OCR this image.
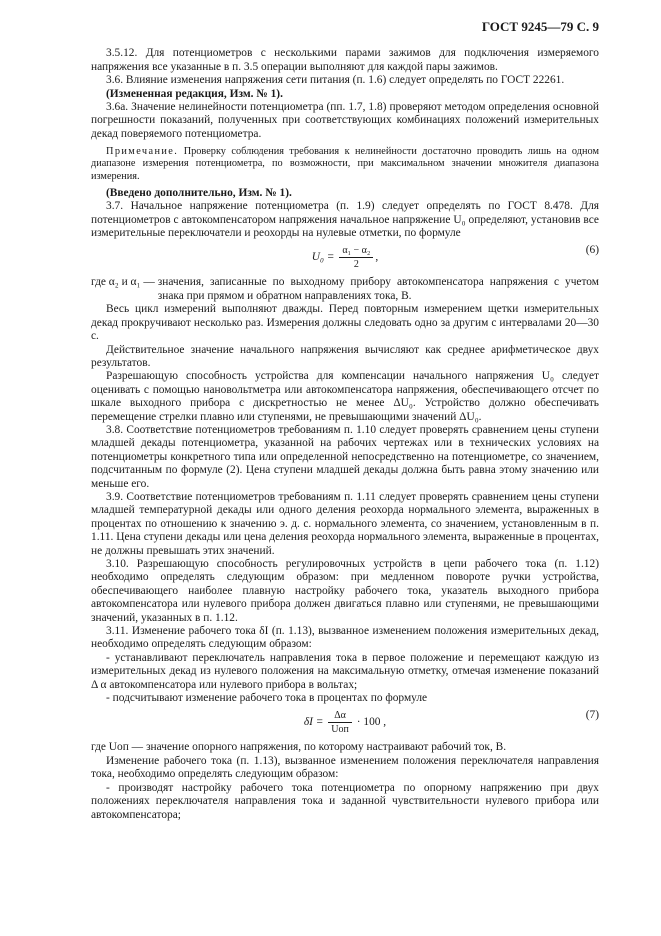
ГОСТ 9245—79 С. 9

3.5.12. Для потенциометров с несколькими парами зажимов для подключения измеряемого напряжения все указанные в п. 3.5 операции выполняют для каждой пары зажимов.

3.6. Влияние изменения напряжения сети питания (п. 1.6) следует определять по ГОСТ 22261.

(Измененная редакция, Изм. № 1).

3.6а. Значение нелинейности потенциометра (пп. 1.7, 1.8) проверяют методом определения основной погрешности показаний, полученных при соответствующих комбинациях положений измерительных декад поверяемого потенциометра.

Примечание. Проверку соблюдения требования к нелинейности достаточно проводить лишь на одном диапазоне измерения потенциометра, по возможности, при максимальном значении множителя диапазона измерения.

(Введено дополнительно, Изм. № 1).

3.7. Начальное напряжение потенциометра (п. 1.9) следует определять по ГОСТ 8.478. Для потенциометров с автокомпенсатором напряжения начальное напряжение U₀ определяют, установив все измерительные переключатели и реохорды на нулевые отметки, по формуле

$U_0 = \frac{\text{α₁ − α₂}}{2}$ ,
(6)
где α₂ и α₁ — значения, записанные по выходному прибору автокомпенсатора напряжения с учетом знака при прямом и обратном направлениях тока, В.

Весь цикл измерений выполняют дважды. Перед повторным измерением щетки измерительных декад прокручивают несколько раз. Измерения должны следовать одно за другим с интервалами 20—30 с.

Действительное значение начального напряжения вычисляют как среднее арифметическое двух результатов.

Разрешающую способность устройства для компенсации начального напряжения U₀ следует оценивать с помощью нановольтметра или автокомпенсатора напряжения, обеспечивающего отсчет по шкале выходного прибора с дискретностью не менее ΔU₀. Устройство должно обеспечивать перемещение стрелки плавно или ступенями, не превышающими значений ΔU₀.

3.8. Соответствие потенциометров требованиям п. 1.10 следует проверять сравнением цены ступени младшей декады потенциометра, указанной на рабочих чертежах или в технических условиях на потенциометры конкретного типа или определенной непосредственно на потенциометре, со значением, подсчитанным по формуле (2). Цена ступени младшей декады должна быть равна этому значению или меньше его.

3.9. Соответствие потенциометров требованиям п. 1.11 следует проверять сравнением цены ступени младшей температурной декады или одного деления реохорда нормального элемента, выраженных в процентах по отношению к значению э. д. с. нормального элемента, со значением, установленным в п. 1.11. Цена ступени декады или цена деления реохорда нормального элемента, выраженные в процентах, не должны превышать этих значений.

3.10. Разрешающую способность регулировочных устройств в цепи рабочего тока (п. 1.12) необходимо определять следующим образом: при медленном повороте ручки устройства, обеспечивающего наиболее плавную настройку рабочего тока, указатель выходного прибора автокомпенсатора или нулевого прибора должен двигаться плавно или ступенями, не превышающими значений, указанных в п. 1.12.

3.11. Изменение рабочего тока δI (п. 1.13), вызванное изменением положения измерительных декад, необходимо определять следующим образом:

- устанавливают переключатель направления тока в первое положение и перемещают каждую из измерительных декад из нулевого положения на максимальную отметку, отмечая изменение показаний Δ α автокомпенсатора или нулевого прибора в вольтах;

- подсчитывают изменение рабочего тока в процентах по формуле

$\delta I = \frac{\Delta\alpha}{\text{Uоп}} \cdot 100$ ,
(7)
где Uоп — значение опорного напряжения, по которому настраивают рабочий ток, В.

Изменение рабочего тока (п. 1.13), вызванное изменением положения переключателя направления тока, необходимо определять следующим образом:

- производят настройку рабочего тока потенциометра по опорному напряжению при двух положениях переключателя направления тока и заданной чувствительности нулевого прибора или автокомпенсатора;
